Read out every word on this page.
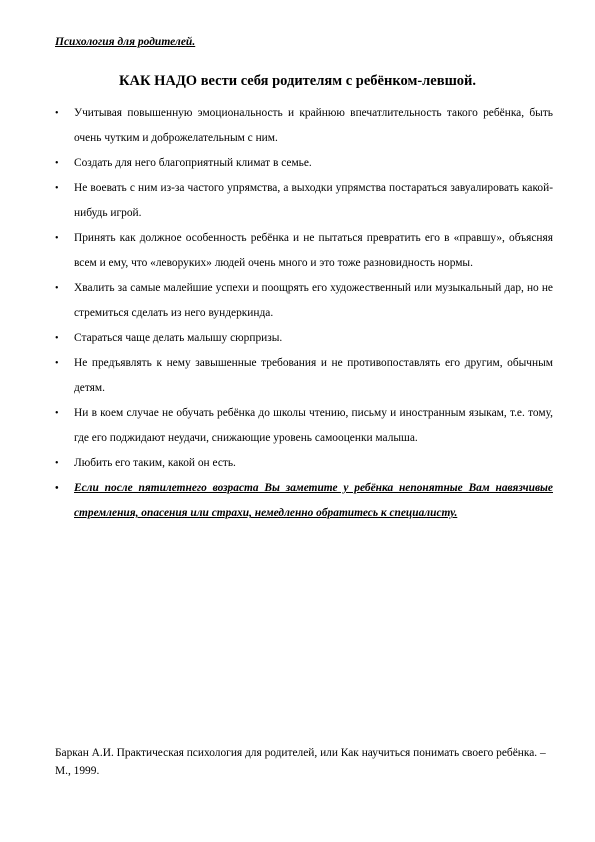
Психология для родителей.
КАК НАДО вести себя родителям с ребёнком-левшой.
• Учитывая повышенную эмоциональность и крайнюю впечатлительность такого ребёнка, быть очень чутким и доброжелательным с ним.
• Создать для него благоприятный климат в семье.
• Не воевать с ним из-за частого упрямства, а выходки упрямства постараться завуалировать какой-нибудь игрой.
• Принять как должное особенность ребёнка и не пытаться превратить его в «правшу», объясняя всем и ему, что «леворуких» людей очень много и это тоже разновидность нормы.
• Хвалить за самые малейшие успехи и поощрять его художественный или музыкальный дар, но не стремиться сделать из него вундеркинда.
• Стараться чаще делать малышу сюрпризы.
• Не предъявлять к нему завышенные требования и не противопоставлять его другим, обычным детям.
• Ни в коем случае не обучать ребёнка до школы чтению, письму и иностранным языкам, т.е. тому, где его поджидают неудачи, снижающие уровень самооценки малыша.
• Любить его таким, какой он есть.
• Если после пятилетнего возраста Вы заметите у ребёнка непонятные Вам навязчивые стремления, опасения или страхи, немедленно обратитесь к специалисту.
Баркан А.И. Практическая психология для родителей, или Как научиться понимать своего ребёнка. – М., 1999.
